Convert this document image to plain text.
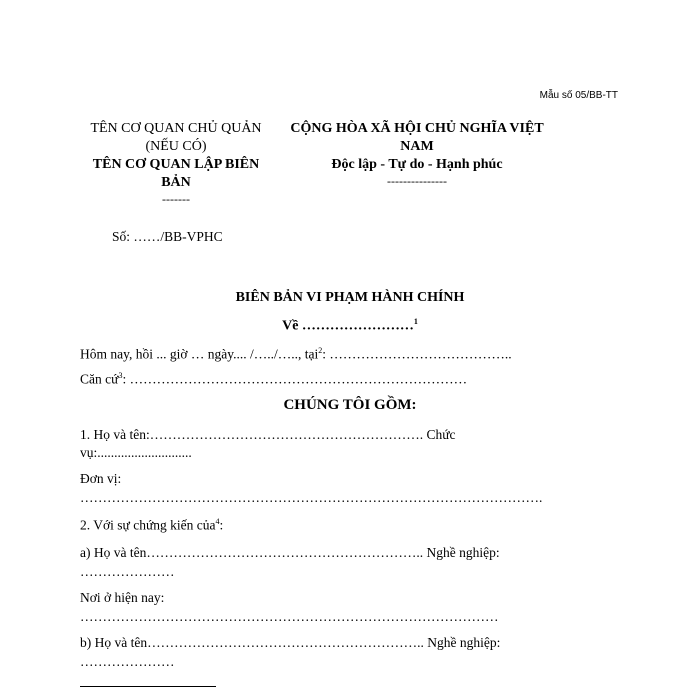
Mẫu số 05/BB-TT
TÊN CƠ QUAN CHỦ QUẢN (NẾU CÓ)
TÊN CƠ QUAN LẬP BIÊN BẢN
-------
CỘNG HÒA XÃ HỘI CHỦ NGHĨA VIỆT NAM
Độc lập - Tự do - Hạnh phúc
---------------
Số: ……/BB-VPHC
BIÊN BẢN VI PHẠM HÀNH CHÍNH
Về ……………………$^1$
Hôm nay, hồi ... giờ … ngày.... /…../….., tại$^2$: …………………………………..
Căn cứ$^3$: …………………………………………………………………
CHÚNG TÔI GỒM:
1. Họ và tên:……………………………………………………. Chức
vụ:............................
Đơn vị:
………………………………………………………………………………………….
2. Với sự chứng kiến của$^4$:
a) Họ và tên…………………………………………………….. Nghề nghiệp:
…………………
Nơi ở hiện nay:
…………………………………………………………………………………
b) Họ và tên…………………………………………………….. Nghề nghiệp:
…………………
